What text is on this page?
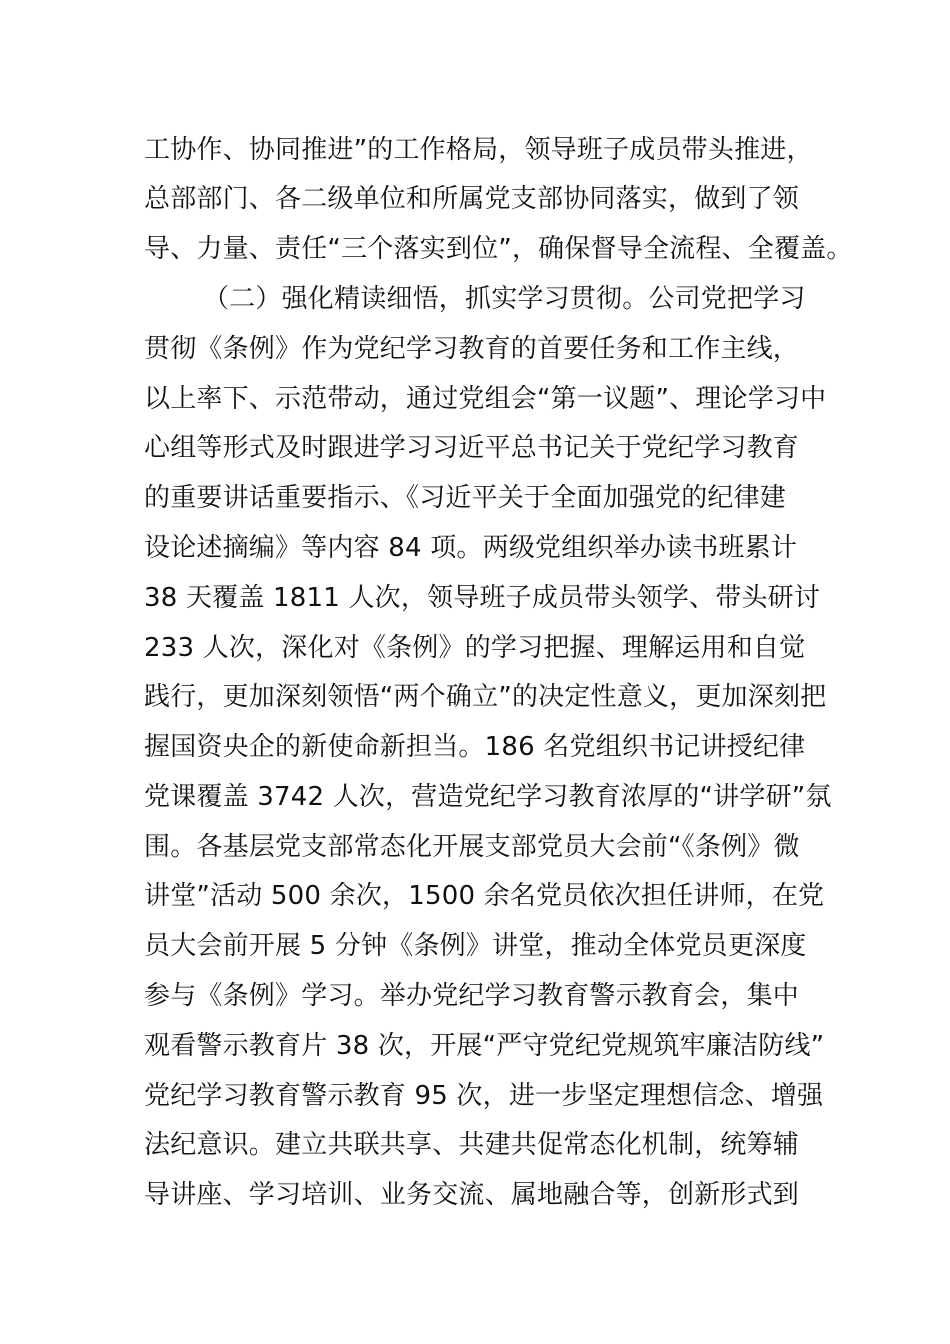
工协作、协同推进”的工作格局，领导班子成员带头推进，
总部部门、各二级单位和所属党支部协同落实，做到了领
导、力量、责任“三个落实到位”，确保督导全流程、全覆盖。
（二）强化精读细悟，抓实学习贯彻。公司党把学习
贯彻《条例》作为党纪学习教育的首要任务和工作主线，
以上率下、示范带动，通过党组会“第一议题”、理论学习中
心组等形式及时跟进学习习近平总书记关于党纪学习教育
的重要讲话重要指示、《习近平关于全面加强党的纪律建
设论述摘编》等内容 84 项。两级党组织举办读书班累计
38 天覆盖 1811 人次，领导班子成员带头领学、带头研讨
233 人次，深化对《条例》的学习把握、理解运用和自觉
践行，更加深刻领悟“两个确立”的决定性意义，更加深刻把
握国资央企的新使命新担当。186 名党组织书记讲授纪律
党课覆盖 3742 人次，营造党纪学习教育浓厚的“讲学研”氛
围。各基层党支部常态化开展支部党员大会前“《条例》微
讲堂”活动 500 余次，1500 余名党员依次担任讲师，在党
员大会前开展 5 分钟《条例》讲堂，推动全体党员更深度
参与《条例》学习。举办党纪学习教育警示教育会，集中
观看警示教育片 38 次，开展“严守党纪党规筑牢廉洁防线”
党纪学习教育警示教育 95 次，进一步坚定理想信念、增强
法纪意识。建立共联共享、共建共促常态化机制，统筹辅
导讲座、学习培训、业务交流、属地融合等，创新形式到
